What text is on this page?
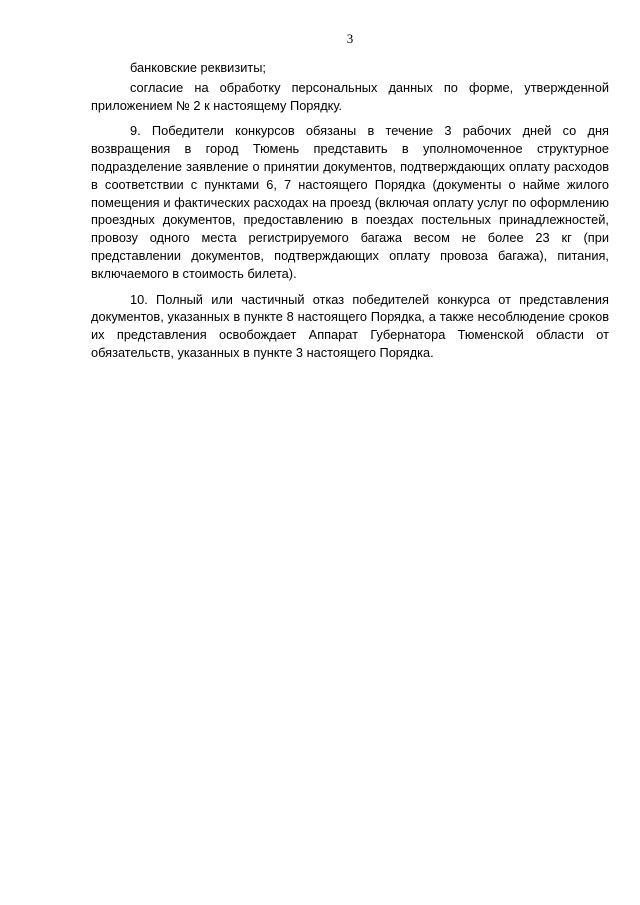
3

банковские реквизиты;

согласие на обработку персональных данных по форме, утвержденной приложением № 2 к настоящему Порядку.

9. Победители конкурсов обязаны в течение 3 рабочих дней со дня возвращения в город Тюмень представить в уполномоченное структурное подразделение заявление о принятии документов, подтверждающих оплату расходов в соответствии с пунктами 6, 7 настоящего Порядка (документы о найме жилого помещения и фактических расходах на проезд (включая оплату услуг по оформлению проездных документов, предоставлению в поездах постельных принадлежностей, провозу одного места регистрируемого багажа весом не более 23 кг (при представлении документов, подтверждающих оплату провоза багажа), питания, включаемого в стоимость билета).

10. Полный или частичный отказ победителей конкурса от представления документов, указанных в пункте 8 настоящего Порядка, а также несоблюдение сроков их представления освобождает Аппарат Губернатора Тюменской области от обязательств, указанных в пункте 3 настоящего Порядка.
